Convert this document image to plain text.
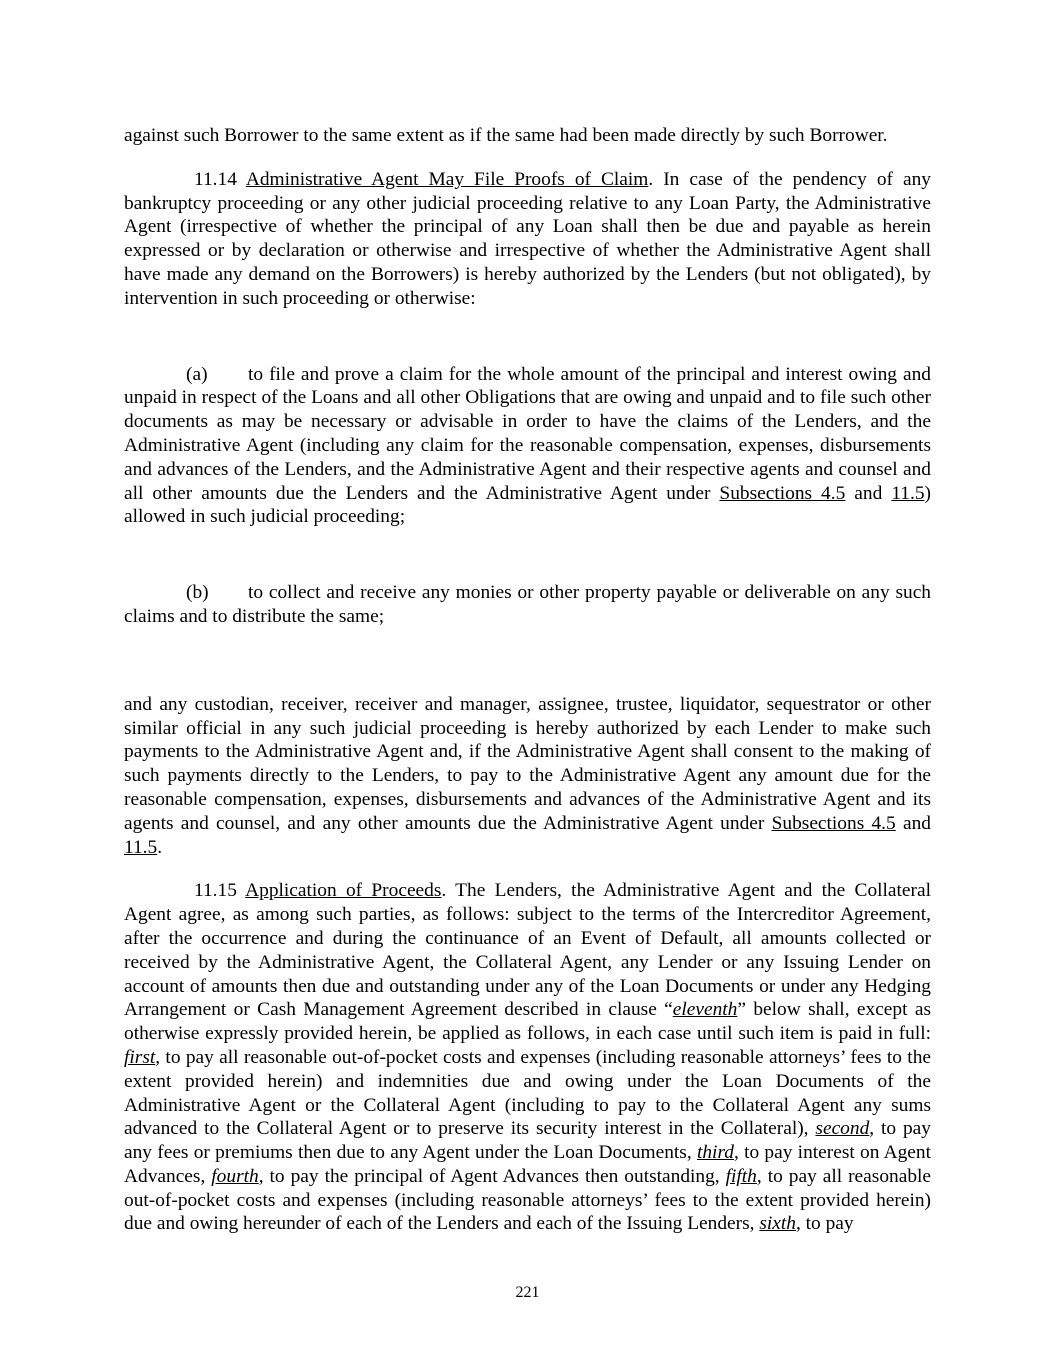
against such Borrower to the same extent as if the same had been made directly by such Borrower.

11.14 Administrative Agent May File Proofs of Claim. In case of the pendency of any bankruptcy proceeding or any other judicial proceeding relative to any Loan Party, the Administrative Agent (irrespective of whether the principal of any Loan shall then be due and payable as herein expressed or by declaration or otherwise and irrespective of whether the Administrative Agent shall have made any demand on the Borrowers) is hereby authorized by the Lenders (but not obligated), by intervention in such proceeding or otherwise:

(a) to file and prove a claim for the whole amount of the principal and interest owing and unpaid in respect of the Loans and all other Obligations that are owing and unpaid and to file such other documents as may be necessary or advisable in order to have the claims of the Lenders, and the Administrative Agent (including any claim for the reasonable compensation, expenses, disbursements and advances of the Lenders, and the Administrative Agent and their respective agents and counsel and all other amounts due the Lenders and the Administrative Agent under Subsections 4.5 and 11.5) allowed in such judicial proceeding;

(b) to collect and receive any monies or other property payable or deliverable on any such claims and to distribute the same;

and any custodian, receiver, receiver and manager, assignee, trustee, liquidator, sequestrator or other similar official in any such judicial proceeding is hereby authorized by each Lender to make such payments to the Administrative Agent and, if the Administrative Agent shall consent to the making of such payments directly to the Lenders, to pay to the Administrative Agent any amount due for the reasonable compensation, expenses, disbursements and advances of the Administrative Agent and its agents and counsel, and any other amounts due the Administrative Agent under Subsections 4.5 and 11.5.

11.15 Application of Proceeds. The Lenders, the Administrative Agent and the Collateral Agent agree, as among such parties, as follows: subject to the terms of the Intercreditor Agreement, after the occurrence and during the continuance of an Event of Default, all amounts collected or received by the Administrative Agent, the Collateral Agent, any Lender or any Issuing Lender on account of amounts then due and outstanding under any of the Loan Documents or under any Hedging Arrangement or Cash Management Agreement described in clause “eleventh” below shall, except as otherwise expressly provided herein, be applied as follows, in each case until such item is paid in full: first, to pay all reasonable out-of-pocket costs and expenses (including reasonable attorneys’ fees to the extent provided herein) and indemnities due and owing under the Loan Documents of the Administrative Agent or the Collateral Agent (including to pay to the Collateral Agent any sums advanced to the Collateral Agent or to preserve its security interest in the Collateral), second, to pay any fees or premiums then due to any Agent under the Loan Documents, third, to pay interest on Agent Advances, fourth, to pay the principal of Agent Advances then outstanding, fifth, to pay all reasonable out-of-pocket costs and expenses (including reasonable attorneys’ fees to the extent provided herein) due and owing hereunder of each of the Lenders and each of the Issuing Lenders, sixth, to pay

221
